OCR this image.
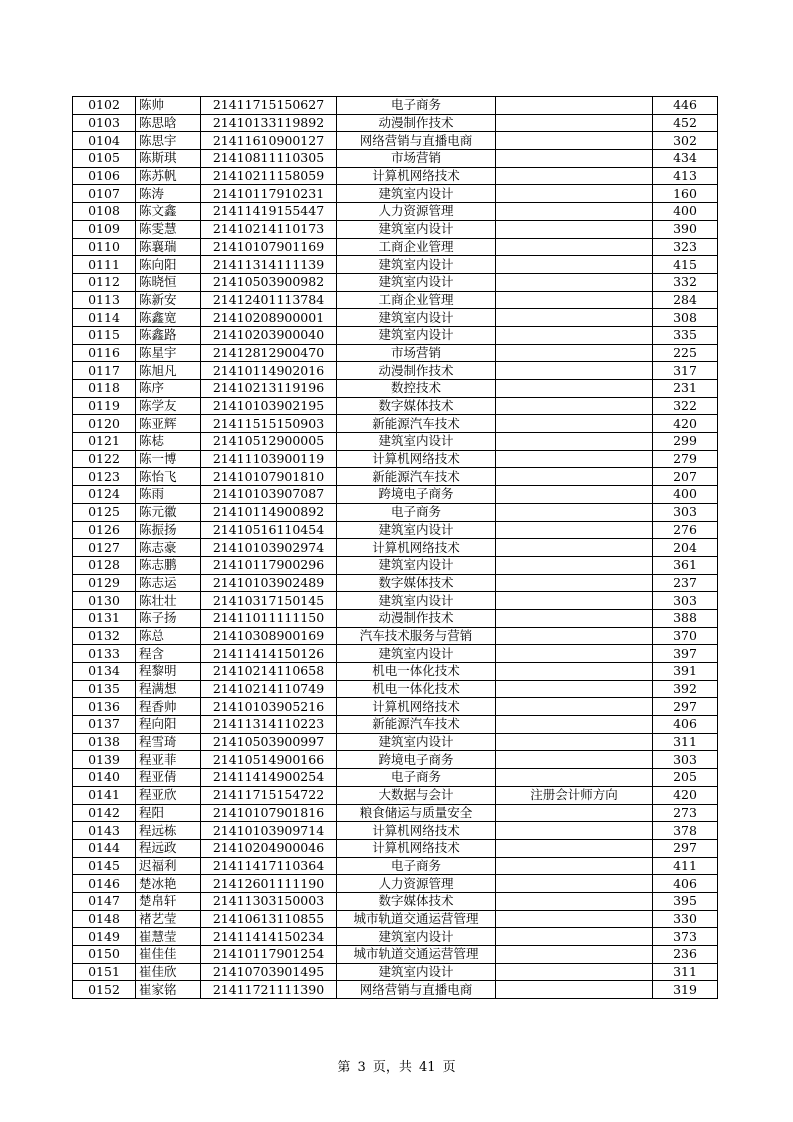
0102	陈帅	21411715150627	电子商务		446
0103	陈思晗	21410133119892	动漫制作技术		452
0104	陈思宇	21411610900127	网络营销与直播电商		302
0105	陈斯琪	21410811110305	市场营销		434
0106	陈苏帆	21410211158059	计算机网络技术		413
0107	陈涛	21410117910231	建筑室内设计		160
0108	陈文鑫	21411419155447	人力资源管理		400
0109	陈雯慧	21410214110173	建筑室内设计		390
0110	陈襄瑞	21410107901169	工商企业管理		323
0111	陈向阳	21411314111139	建筑室内设计		415
0112	陈晓恒	21410503900982	建筑室内设计		332
0113	陈新安	21412401113784	工商企业管理		284
0114	陈鑫宽	21410208900001	建筑室内设计		308
0115	陈鑫路	21410203900040	建筑室内设计		335
0116	陈星宇	21412812900470	市场营销		225
0117	陈旭凡	21410114902016	动漫制作技术		317
0118	陈序	21410213119196	数控技术		231
0119	陈学友	21410103902195	数字媒体技术		322
0120	陈亚辉	21411515150903	新能源汽车技术		420
0121	陈梽	21410512900005	建筑室内设计		299
0122	陈一博	21411103900119	计算机网络技术		279
0123	陈怡飞	21410107901810	新能源汽车技术		207
0124	陈雨	21410103907087	跨境电子商务		400
0125	陈元徽	21410114900892	电子商务		303
0126	陈振扬	21410516110454	建筑室内设计		276
0127	陈志豪	21410103902974	计算机网络技术		204
0128	陈志鹏	21410117900296	建筑室内设计		361
0129	陈志运	21410103902489	数字媒体技术		237
0130	陈壮壮	21410317150145	建筑室内设计		303
0131	陈子扬	21411011111150	动漫制作技术		388
0132	陈总	21410308900169	汽车技术服务与营销		370
0133	程含	21411414150126	建筑室内设计		397
0134	程黎明	21410214110658	机电一体化技术		391
0135	程满想	21410214110749	机电一体化技术		392
0136	程香帅	21410103905216	计算机网络技术		297
0137	程向阳	21411314110223	新能源汽车技术		406
0138	程雪琦	21410503900997	建筑室内设计		311
0139	程亚菲	21410514900166	跨境电子商务		303
0140	程亚倩	21411414900254	电子商务		205
0141	程亚欣	21411715154722	大数据与会计	注册会计师方向	420
0142	程阳	21410107901816	粮食储运与质量安全		273
0143	程远栋	21410103909714	计算机网络技术		378
0144	程远政	21410204900046	计算机网络技术		297
0145	迟福利	21411417110364	电子商务		411
0146	楚冰艳	21412601111190	人力资源管理		406
0147	楚帛轩	21411303150003	数字媒体技术		395
0148	褚艺莹	21410613110855	城市轨道交通运营管理		330
0149	崔慧莹	21411414150234	建筑室内设计		373
0150	崔佳佳	21410117901254	城市轨道交通运营管理		236
0151	崔佳欣	21410703901495	建筑室内设计		311
0152	崔家铭	21411721111390	网络营销与直播电商		319
第 3 页，共 41 页
